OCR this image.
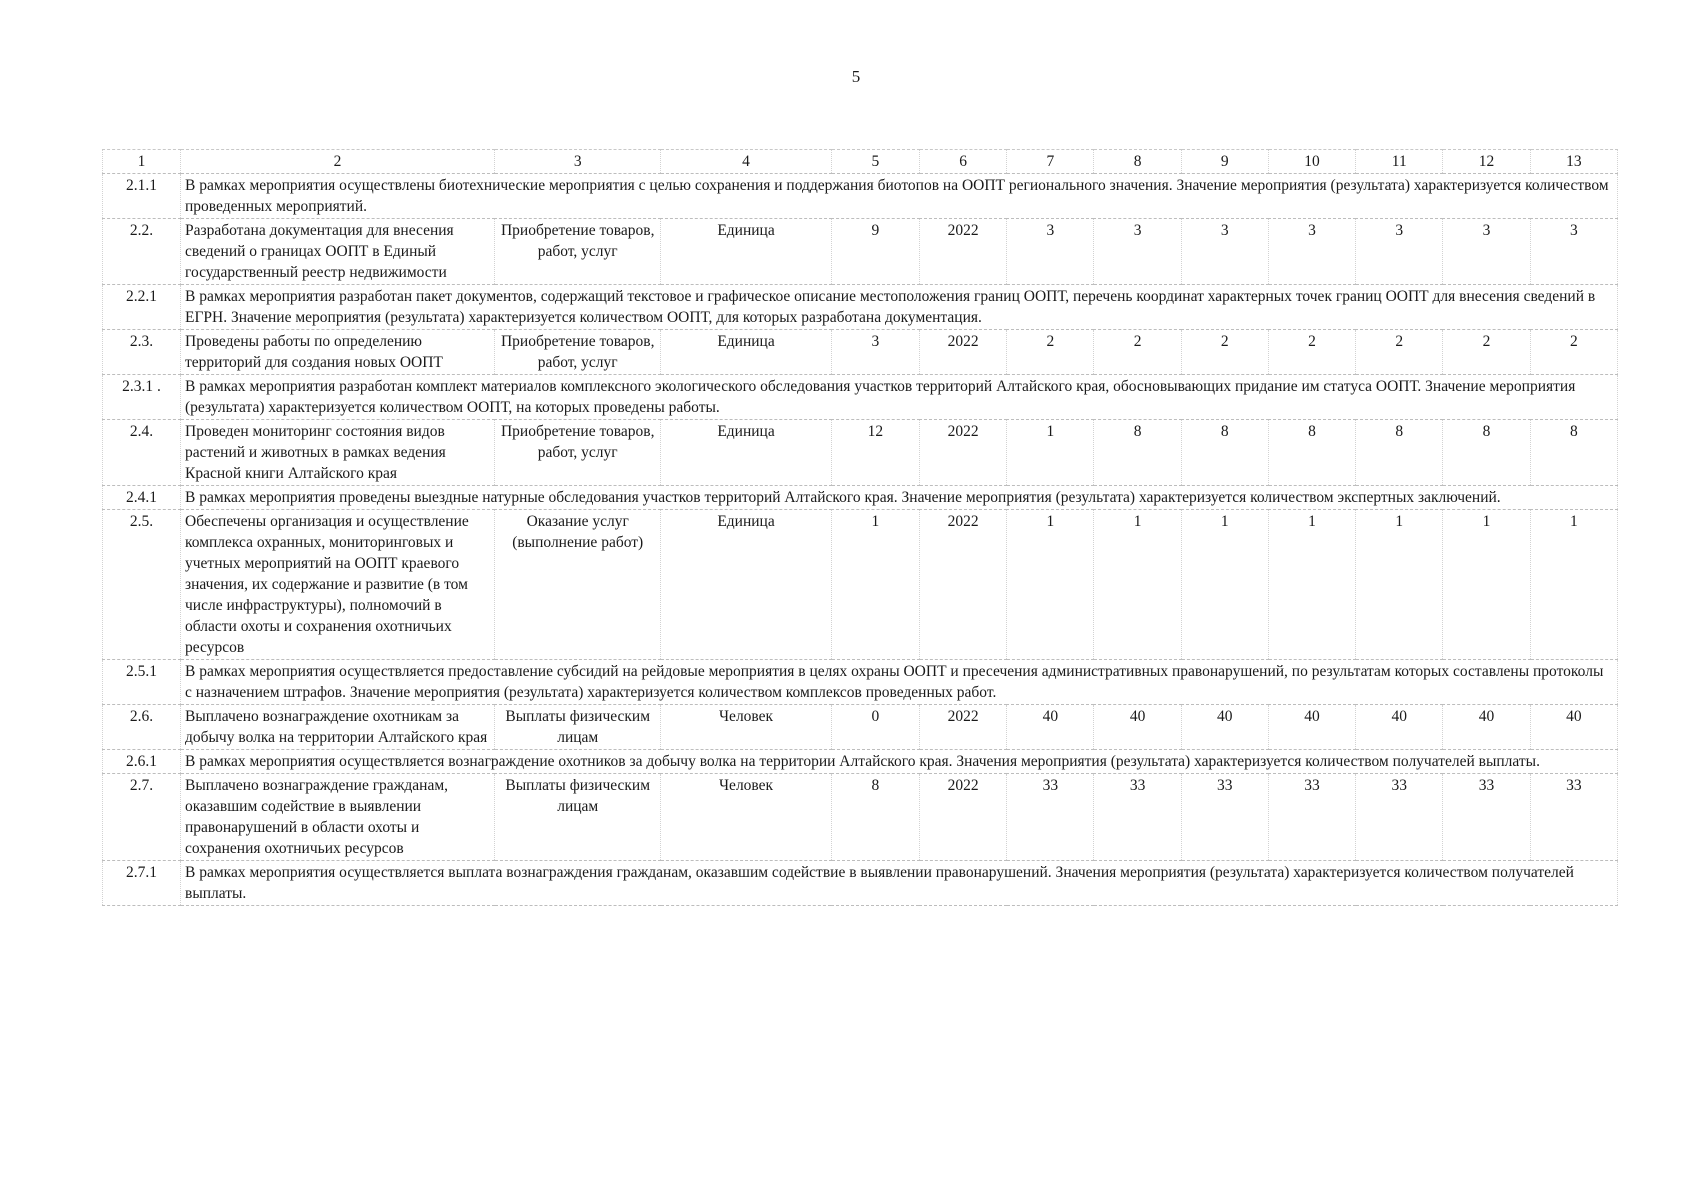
5
1	2	3	4	5	6	7	8	9	10	11	12	13
2.1.1	В рамках мероприятия осуществлены биотехнические мероприятия с целью сохранения и поддержания биотопов на ООПТ регионального значения. Значение мероприятия (результата) характеризуется количеством проведенных мероприятий.											
2.2.	Разработана документация для внесения сведений о границах ООПТ в Единый государственный реестр недвижимости	Приобретение товаров, работ, услуг	Единица	9	2022	3	3	3	3	3	3	3
2.2.1	В рамках мероприятия разработан пакет документов, содержащий текстовое и графическое описание местоположения границ ООПТ, перечень координат характерных точек границ ООПТ для внесения сведений в ЕГРН. Значение мероприятия (результата) характеризуется количеством ООПТ, для которых разработана документация.											
2.3.	Проведены работы по определению территорий для создания новых ООПТ	Приобретение товаров, работ, услуг	Единица	3	2022	2	2	2	2	2	2	2
2.3.1 .	В рамках мероприятия разработан комплект материалов комплексного экологического обследования участков территорий Алтайского края, обосновывающих придание им статуса ООПТ. Значение мероприятия (результата) характеризуется количеством ООПТ, на которых проведены работы.											
2.4.	Проведен мониторинг состояния видов растений и животных в рамках ведения Красной книги Алтайского края	Приобретение товаров, работ, услуг	Единица	12	2022	1	8	8	8	8	8	8
2.4.1	В рамках мероприятия проведены выездные натурные обследования участков территорий Алтайского края. Значение мероприятия (результата) характеризуется количеством экспертных заключений.											
2.5.	Обеспечены организация и осуществление комплекса охранных, мониторинговых и учетных мероприятий на ООПТ краевого значения, их содержание и развитие (в том числе инфраструктуры), полномочий в области охоты и сохранения охотничьих ресурсов	Оказание услуг (выполнение работ)	Единица	1	2022	1	1	1	1	1	1	1
2.5.1	В рамках мероприятия осуществляется предоставление субсидий на рейдовые мероприятия в целях охраны ООПТ и пресечения административных правонарушений, по результатам которых составлены протоколы с назначением штрафов. Значение мероприятия (результата) характеризуется количеством комплексов проведенных работ.											
2.6.	Выплачено вознаграждение охотникам за добычу волка на территории Алтайского края	Выплаты физическим лицам	Человек	0	2022	40	40	40	40	40	40	40
2.6.1	В рамках мероприятия осуществляется вознаграждение охотников за добычу волка на территории Алтайского края. Значения мероприятия (результата) характеризуется количеством получателей выплаты.											
2.7.	Выплачено вознаграждение гражданам, оказавшим содействие в выявлении правонарушений в области охоты и сохранения охотничьих ресурсов	Выплаты физическим лицам	Человек	8	2022	33	33	33	33	33	33	33
2.7.1	В рамках мероприятия осуществляется выплата вознаграждения гражданам, оказавшим содействие в выявлении правонарушений. Значения мероприятия (результата) характеризуется количеством получателей выплаты.											
